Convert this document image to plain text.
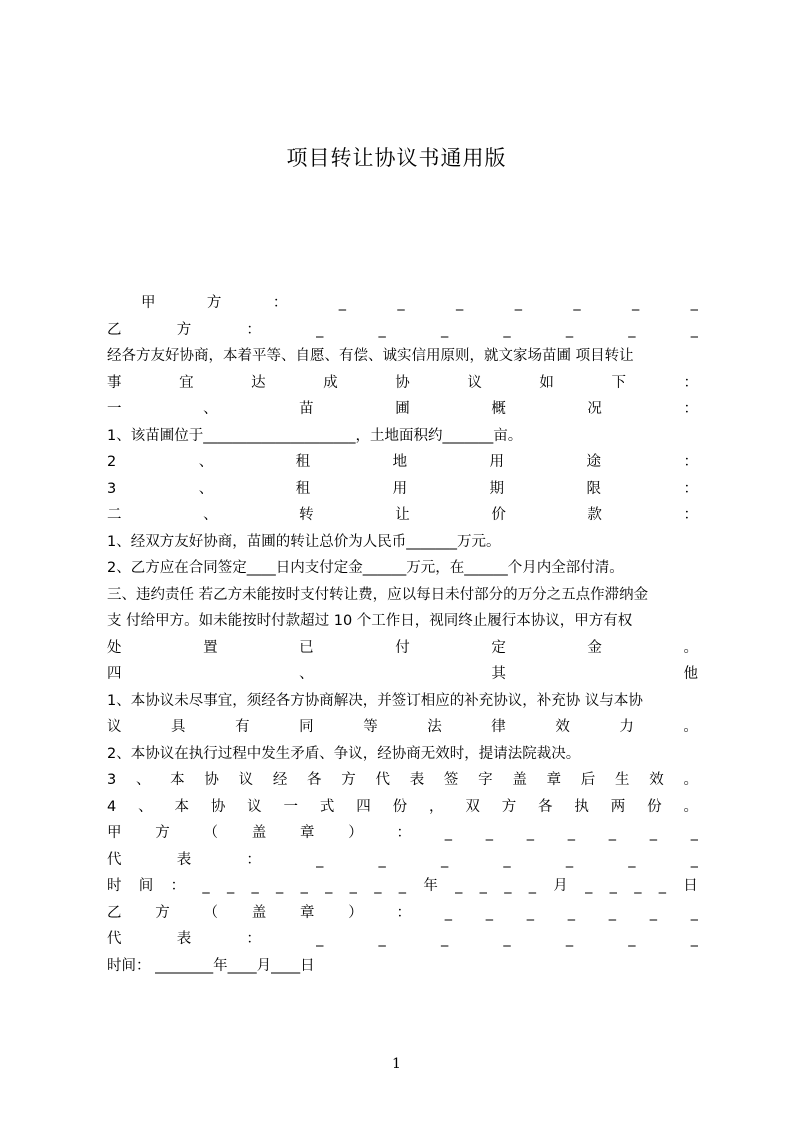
项目转让协议书通用版
甲	方	：	_	_	_	_	_	_	_
乙	方	：	_	_	_	_	_	_	_
经各方友好协商，本着平等、自愿、有偿、诚实信用原则，就文家场苗圃 项目转让
事	宜	达	成	协	议	如	下	：
一	、	苗	圃	概	况	：
1、该苗圃位于_____________________，土地面积约_______亩。
2	、	租	地	用	途	：
3	、	租	用	期	限	：
二	、	转	让	价	款	：
1、经双方友好协商，苗圃的转让总价为人民币_______万元。
2、乙方应在合同签定____日内支付定金______万元，在______个月内全部付清。
三、违约责任 若乙方未能按时支付转让费，应以每日未付部分的万分之五点作滞纳金
支 付给甲方。如未能按时付款超过 10 个工作日，视同终止履行本协议，甲方有权
处	置	已	付	定	金	。
四	、	其	他
1、本协议未尽事宜，须经各方协商解决，并签订相应的补充协议，补充协 议与本协
议	具	有	同	等	法	律	效	力	。
2、本协议在执行过程中发生矛盾、争议，经协商无效时，提请法院裁决。
3 、 本 协 议 经 各 方 代 表 签 字 盖 章 后 生 效 。
4 、 本 协 议 一 式 四 份 ， 双 方 各 执 两 份 。
甲 方 （ 盖 章 ） ： _ _ _ _ _ _ _
代	表	：	_	_	_	_	_	_	_
时 间 ： _ _ _ _ _ _ _ _ _ 年 _ _ _ _ 月 _ _ _ _ 日
乙 方 （ 盖 章 ） ： _ _ _ _ _ _ _
代	表	：	_	_	_	_	_	_	_
时间： ________年____月____日
1
